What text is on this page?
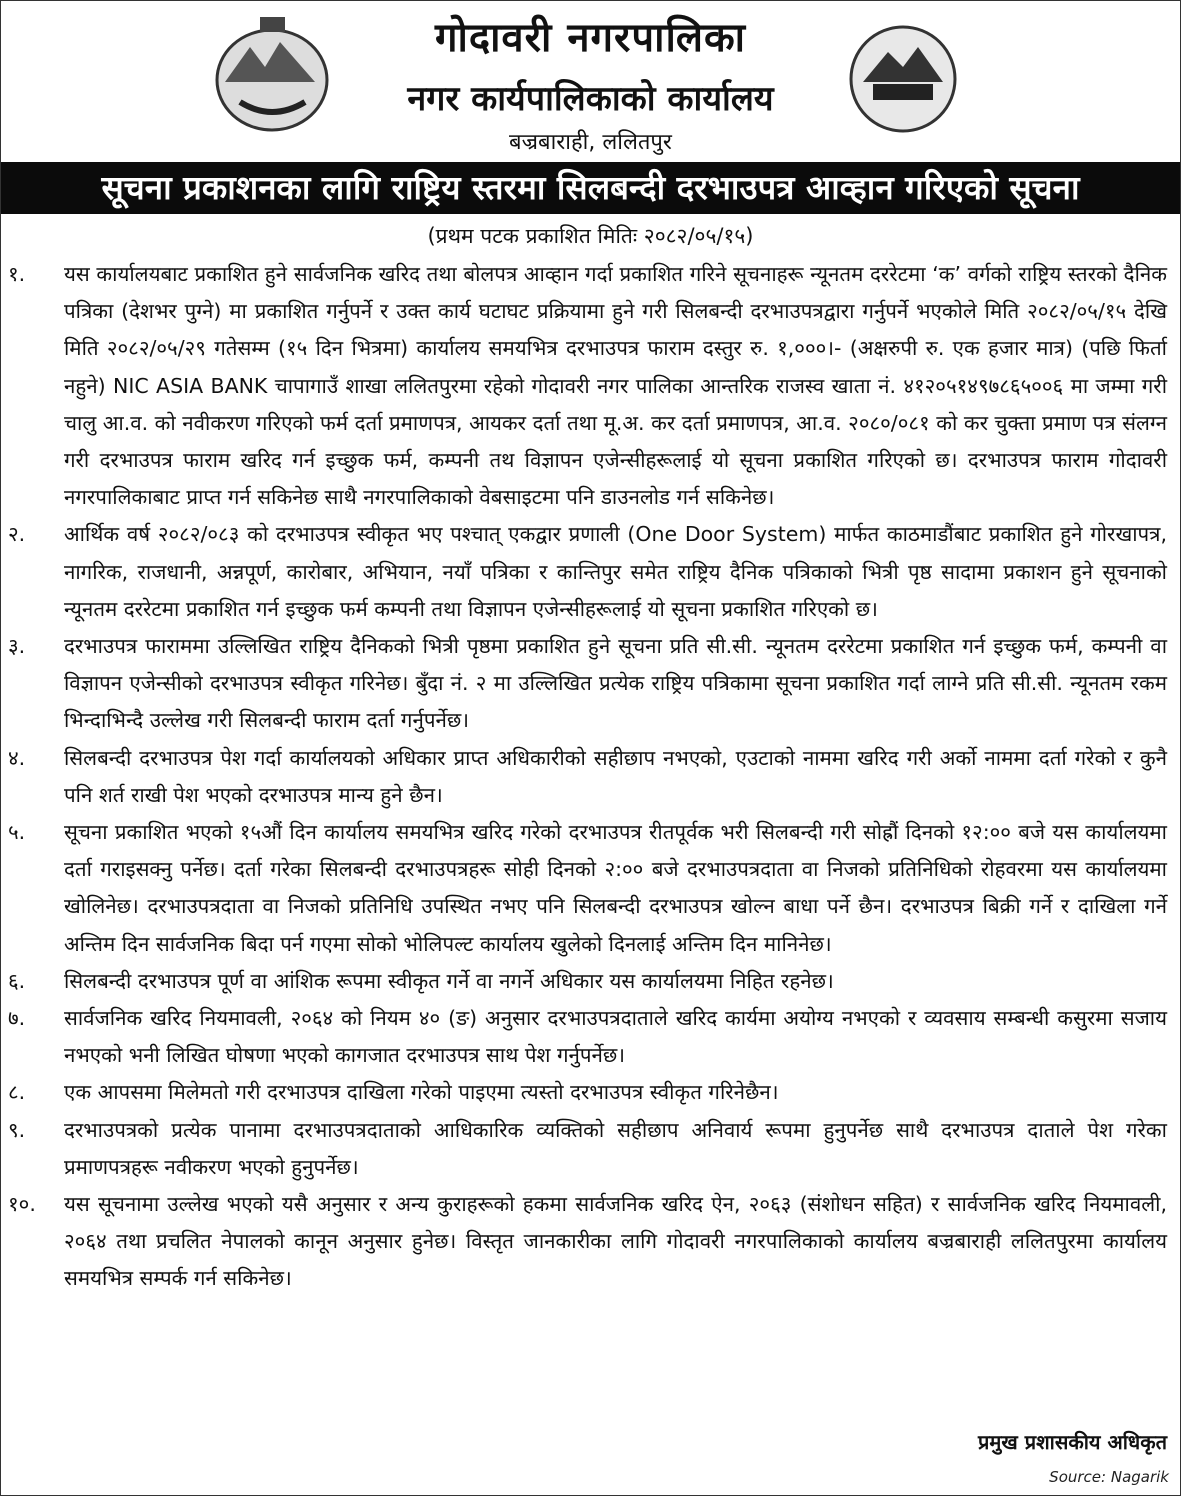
गोदावरी नगरपालिका
नगर कार्यपालिकाको कार्यालय
बज्रबाराही, ललितपुर
सूचना प्रकाशनका लागि राष्ट्रिय स्तरमा सिलबन्दी दरभाउपत्र आव्हान गरिएको सूचना
(प्रथम पटक प्रकाशित मितिः २०८२/०५/१५)
१.	यस कार्यालयबाट प्रकाशित हुने सार्वजनिक खरिद तथा बोलपत्र आव्हान गर्दा प्रकाशित गरिने सूचनाहरू न्यूनतम दररेटमा ‘क’ वर्गको राष्ट्रिय स्तरको दैनिक पत्रिका (देशभर पुग्ने) मा प्रकाशित गर्नुपर्ने र उक्त कार्य घटाघट प्रक्रियामा हुने गरी सिलबन्दी दरभाउपत्रद्वारा गर्नुपर्ने भएकोले मिति २०८२/०५/१५ देखि मिति २०८२/०५/२९ गतेसम्म (१५ दिन भित्रमा) कार्यालय समयभित्र दरभाउपत्र फाराम दस्तुर रु. १,०००।- (अक्षरुपी रु. एक हजार मात्र) (पछि फिर्ता नहुने) NIC ASIA BANK चापागाउँ शाखा ललितपुरमा रहेको गोदावरी नगर पालिका आन्तरिक राजस्व खाता नं. ४१२०५१४९७८६५००६ मा जम्मा गरी चालु आ.व. को नवीकरण गरिएको फर्म दर्ता प्रमाणपत्र, आयकर दर्ता तथा मू.अ. कर दर्ता प्रमाणपत्र, आ.व. २०८०/०८१ को कर चुक्ता प्रमाण पत्र संलग्न गरी दरभाउपत्र फाराम खरिद गर्न इच्छुक फर्म, कम्पनी तथ विज्ञापन एजेन्सीहरूलाई यो सूचना प्रकाशित गरिएको छ। दरभाउपत्र फाराम गोदावरी नगरपालिकाबाट प्राप्त गर्न सकिनेछ साथै नगरपालिकाको वेबसाइटमा पनि डाउनलोड गर्न सकिनेछ।
२.	आर्थिक वर्ष २०८२/०८३ को दरभाउपत्र स्वीकृत भए पश्चात् एकद्वार प्रणाली (One Door System) मार्फत काठमाडौंबाट प्रकाशित हुने गोरखापत्र, नागरिक, राजधानी, अन्नपूर्ण, कारोबार, अभियान, नयाँ पत्रिका र कान्तिपुर समेत राष्ट्रिय दैनिक पत्रिकाको भित्री पृष्ठ सादामा प्रकाशन हुने सूचनाको न्यूनतम दररेटमा प्रकाशित गर्न इच्छुक फर्म कम्पनी तथा विज्ञापन एजेन्सीहरूलाई यो सूचना प्रकाशित गरिएको छ।
३.	दरभाउपत्र फाराममा उल्लिखित राष्ट्रिय दैनिकको भित्री पृष्ठमा प्रकाशित हुने सूचना प्रति सी.सी. न्यूनतम दररेटमा प्रकाशित गर्न इच्छुक फर्म, कम्पनी वा विज्ञापन एजेन्सीको दरभाउपत्र स्वीकृत गरिनेछ। बुँदा नं. २ मा उल्लिखित प्रत्येक राष्ट्रिय पत्रिकामा सूचना प्रकाशित गर्दा लाग्ने प्रति सी.सी. न्यूनतम रकम भिन्दाभिन्दै उल्लेख गरी सिलबन्दी फाराम दर्ता गर्नुपर्नेछ।
४.	सिलबन्दी दरभाउपत्र पेश गर्दा कार्यालयको अधिकार प्राप्त अधिकारीको सहीछाप नभएको, एउटाको नाममा खरिद गरी अर्को नाममा दर्ता गरेको र कुनै पनि शर्त राखी पेश भएको दरभाउपत्र मान्य हुने छैन।
५.	सूचना प्रकाशित भएको १५औं दिन कार्यालय समयभित्र खरिद गरेको दरभाउपत्र रीतपूर्वक भरी सिलबन्दी गरी सोह्रौं दिनको १२:०० बजे यस कार्यालयमा दर्ता गराइसक्नु पर्नेछ। दर्ता गरेका सिलबन्दी दरभाउपत्रहरू सोही दिनको २:०० बजे दरभाउपत्रदाता वा निजको प्रतिनिधिको रोहवरमा यस कार्यालयमा खोलिनेछ। दरभाउपत्रदाता वा निजको प्रतिनिधि उपस्थित नभए पनि सिलबन्दी दरभाउपत्र खोल्न बाधा पर्ने छैन। दरभाउपत्र बिक्री गर्ने र दाखिला गर्ने अन्तिम दिन सार्वजनिक बिदा पर्न गएमा सोको भोलिपल्ट कार्यालय खुलेको दिनलाई अन्तिम दिन मानिनेछ।
६.	सिलबन्दी दरभाउपत्र पूर्ण वा आंशिक रूपमा स्वीकृत गर्ने वा नगर्ने अधिकार यस कार्यालयमा निहित रहनेछ।
७.	सार्वजनिक खरिद नियमावली, २०६४ को नियम ४० (ङ) अनुसार दरभाउपत्रदाताले खरिद कार्यमा अयोग्य नभएको र व्यवसाय सम्बन्धी कसुरमा सजाय नभएको भनी लिखित घोषणा भएको कागजात दरभाउपत्र साथ पेश गर्नुपर्नेछ।
८.	एक आपसमा मिलेमतो गरी दरभाउपत्र दाखिला गरेको पाइएमा त्यस्तो दरभाउपत्र स्वीकृत गरिनेछैन।
९.	दरभाउपत्रको प्रत्येक पानामा दरभाउपत्रदाताको आधिकारिक व्यक्तिको सहीछाप अनिवार्य रूपमा हुनुपर्नेछ साथै दरभाउपत्र दाताले पेश गरेका प्रमाणपत्रहरू नवीकरण भएको हुनुपर्नेछ।
१०.	यस सूचनामा उल्लेख भएको यसै अनुसार र अन्य कुराहरूको हकमा सार्वजनिक खरिद ऐन, २०६३ (संशोधन सहित) र सार्वजनिक खरिद नियमावली, २०६४ तथा प्रचलित नेपालको कानून अनुसार हुनेछ। विस्तृत जानकारीका लागि गोदावरी नगरपालिकाको कार्यालय बज्रबाराही ललितपुरमा कार्यालय समयभित्र सम्पर्क गर्न सकिनेछ।
प्रमुख प्रशासकीय अधिकृत
Source: Nagarik
